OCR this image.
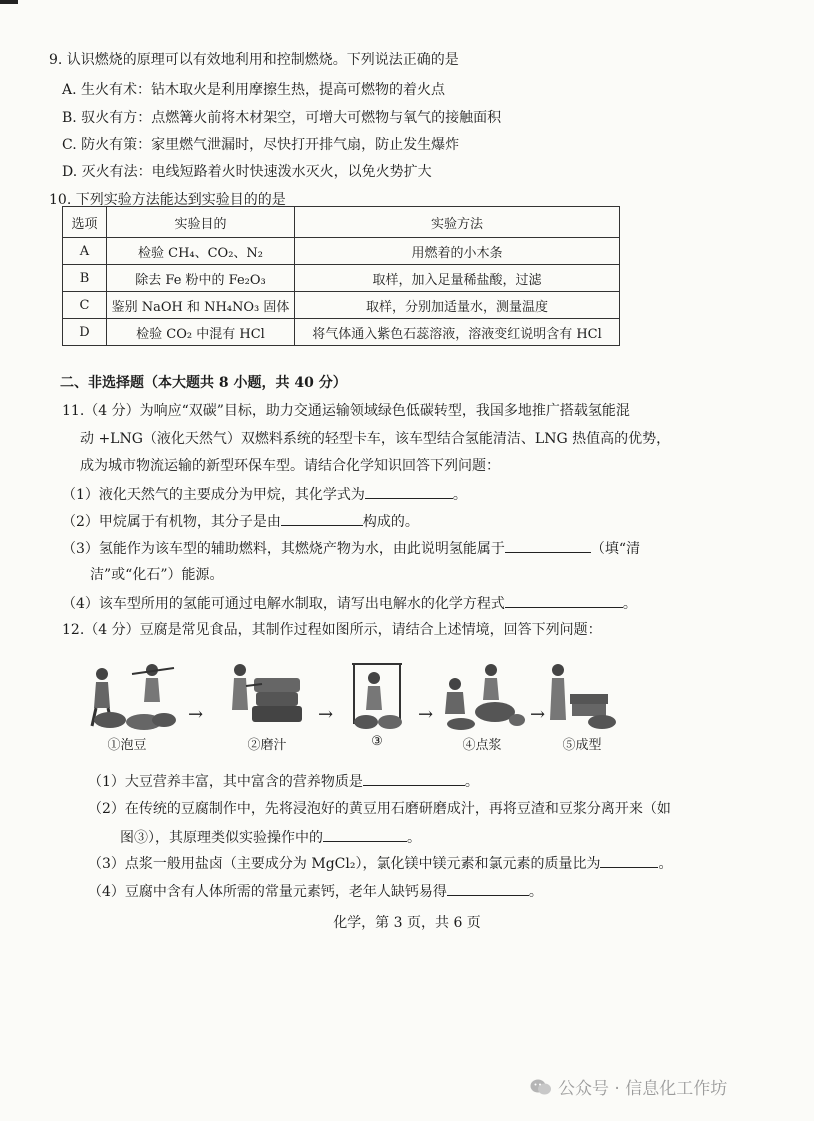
9. 认识燃烧的原理可以有效地利用和控制燃烧。下列说法正确的是
A. 生火有术：钻木取火是利用摩擦生热，提高可燃物的着火点
B. 驭火有方：点燃篝火前将木材架空，可增大可燃物与氧气的接触面积
C. 防火有策：家里燃气泄漏时，尽快打开排气扇，防止发生爆炸
D. 灭火有法：电线短路着火时快速泼水灭火，以免火势扩大
10. 下列实验方法能达到实验目的的是
选项	实验目的	实验方法
A	检验 CH₄、CO₂、N₂	用燃着的小木条
B	除去 Fe 粉中的 Fe₂O₃	取样，加入足量稀盐酸，过滤
C	鉴别 NaOH 和 NH₄NO₃ 固体	取样，分别加适量水，测量温度
D	检验 CO₂ 中混有 HCl	将气体通入紫色石蕊溶液，溶液变红说明含有 HCl
二、非选择题（本大题共 8 小题，共 40 分）
11.（4 分）为响应“双碳”目标，助力交通运输领域绿色低碳转型，我国多地推广搭载氢能混
动 +LNG（液化天然气）双燃料系统的轻型卡车，该车型结合氢能清洁、LNG 热值高的优势，
成为城市物流运输的新型环保车型。请结合化学知识回答下列问题：
（1）液化天然气的主要成分为甲烷，其化学式为	。
（2）甲烷属于有机物，其分子是由	构成的。
（3）氢能作为该车型的辅助燃料，其燃烧产物为水，由此说明氢能属于	（填“清
洁”或“化石”）能源。
（4）该车型所用的氢能可通过电解水制取，请写出电解水的化学方程式	。
12.（4 分）豆腐是常见食品，其制作过程如图所示，请结合上述情境，回答下列问题：
①泡豆
→
②磨汁
→
③
→
④点浆
→
⑤成型
（1）大豆营养丰富，其中富含的营养物质是	。
（2）在传统的豆腐制作中，先将浸泡好的黄豆用石磨研磨成汁，再将豆渣和豆浆分离开来（如
图③），其原理类似实验操作中的	。
（3）点浆一般用盐卤（主要成分为 MgCl₂），氯化镁中镁元素和氯元素的质量比为	。
（4）豆腐中含有人体所需的常量元素钙，老年人缺钙易得	。
化学，第 3 页，共 6 页
公众号 · 信息化工作坊
